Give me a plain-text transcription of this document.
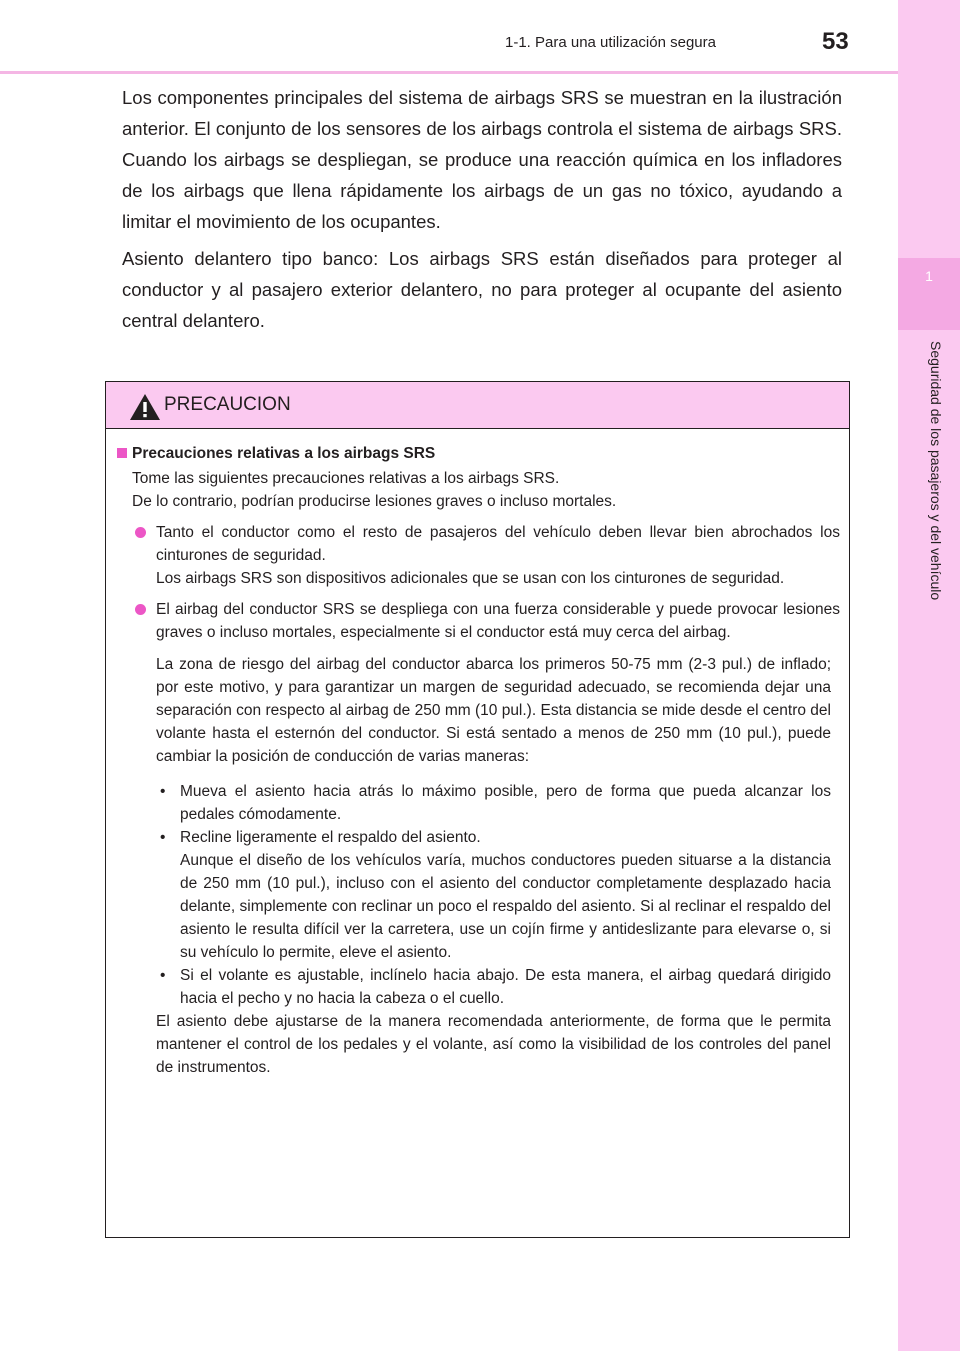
1-1. Para una utilización segura	53
1
Seguridad de los pasajeros y del vehículo

Los componentes principales del sistema de airbags SRS se muestran en la ilustración anterior. El conjunto de los sensores de los airbags controla el sistema de airbags SRS. Cuando los airbags se despliegan, se produce una reacción química en los infladores de los airbags que llena rápidamente los airbags de un gas no tóxico, ayudando a limitar el movimiento de los ocupantes.

Asiento delantero tipo banco: Los airbags SRS están diseñados para proteger al conductor y al pasajero exterior delantero, no para proteger al ocupante del asiento central delantero.

PRECAUCION
Precauciones relativas a los airbags SRS

Tome las siguientes precauciones relativas a los airbags SRS.

De lo contrario, podrían producirse lesiones graves o incluso mortales.

Tanto el conductor como el resto de pasajeros del vehículo deben llevar bien abrochados los cinturones de seguridad.

Los airbags SRS son dispositivos adicionales que se usan con los cinturones de seguridad.

El airbag del conductor SRS se despliega con una fuerza considerable y puede provocar lesiones graves o incluso mortales, especialmente si el conductor está muy cerca del airbag.

La zona de riesgo del airbag del conductor abarca los primeros 50-75 mm (2-3 pul.) de inflado; por este motivo, y para garantizar un margen de seguridad adecuado, se recomienda dejar una separación con respecto al airbag de 250 mm (10 pul.). Esta distancia se mide desde el centro del volante hasta el esternón del conductor. Si está sentado a menos de 250 mm (10 pul.), puede cambiar la posición de conducción de varias maneras:

• Mueva el asiento hacia atrás lo máximo posible, pero de forma que pueda alcanzar los pedales cómodamente.
• Recline ligeramente el respaldo del asiento.
Aunque el diseño de los vehículos varía, muchos conductores pueden situarse a la distancia de 250 mm (10 pul.), incluso con el asiento del conductor completamente desplazado hacia delante, simplemente con reclinar un poco el respaldo del asiento. Si al reclinar el respaldo del asiento le resulta difícil ver la carretera, use un cojín firme y antideslizante para elevarse o, si su vehículo lo permite, eleve el asiento.
• Si el volante es ajustable, inclínelo hacia abajo. De esta manera, el airbag quedará dirigido hacia el pecho y no hacia la cabeza o el cuello.
El asiento debe ajustarse de la manera recomendada anteriormente, de forma que le permita mantener el control de los pedales y el volante, así como la visibilidad de los controles del panel de instrumentos.
